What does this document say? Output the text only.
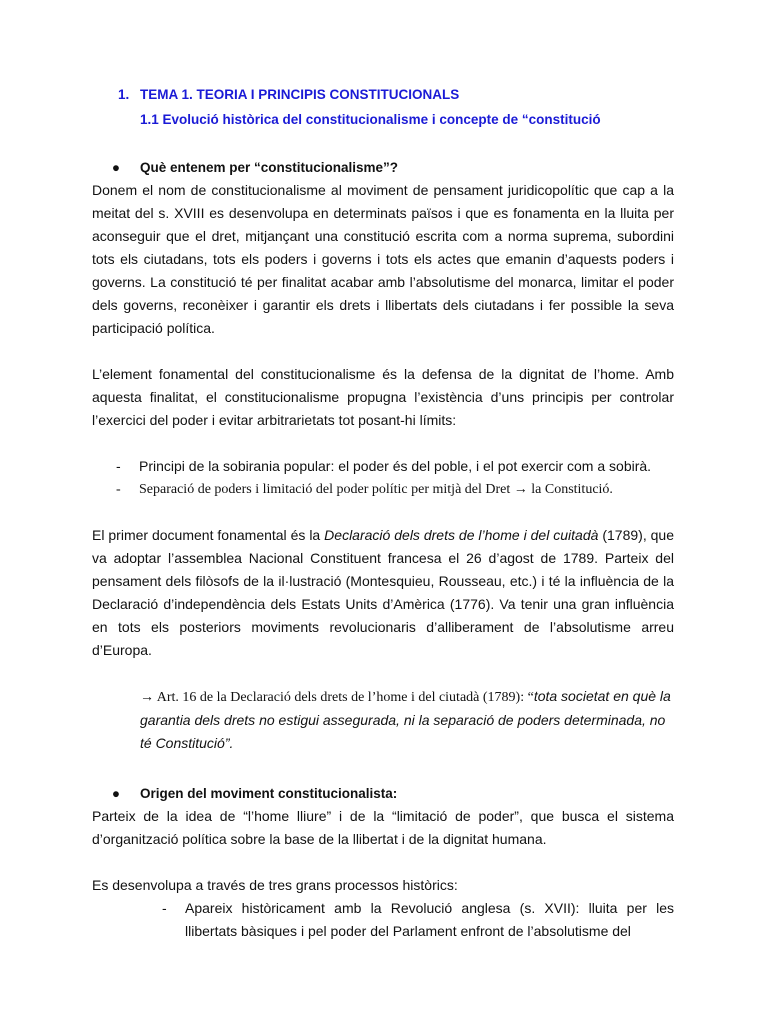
1. TEMA 1. TEORIA I PRINCIPIS CONSTITUCIONALS
1.1 Evolució històrica del constitucionalisme i concepte de “constitució
● Què entenem per “constitucionalisme”?

Donem el nom de constitucionalisme al moviment de pensament juridicopolític que cap a la meitat del s. XVIII es desenvolupa en determinats països i que es fonamenta en la lluita per aconseguir que el dret, mitjançant una constitució escrita com a norma suprema, subordini tots els ciutadans, tots els poders i governs i tots els actes que emanin d’aquests poders i governs. La constitució té per finalitat acabar amb l’absolutisme del monarca, limitar el poder dels governs, reconèixer i garantir els drets i llibertats dels ciutadans i fer possible la seva participació política.

L’element fonamental del constitucionalisme és la defensa de la dignitat de l’home. Amb aquesta finalitat, el constitucionalisme propugna l’existència d’uns principis per controlar l’exercici del poder i evitar arbitrarietats tot posant-hi límits:

- Principi de la sobirania popular: el poder és del poble, i el pot exercir com a sobirà.
- Separació de poders i limitació del poder polític per mitjà del Dret → la Constitució.

El primer document fonamental és la Declaració dels drets de l’home i del cuitadà (1789), que va adoptar l’assemblea Nacional Constituent francesa el 26 d’agost de 1789. Parteix del pensament dels filòsofs de la il·lustració (Montesquieu, Rousseau, etc.) i té la influència de la Declaració d’independència dels Estats Units d’Amèrica (1776). Va tenir una gran influència en tots els posteriors moviments revolucionaris d’alliberament de l’absolutisme arreu d’Europa.

→ Art. 16 de la Declaració dels drets de l’home i del ciutadà (1789): “tota societat en què la garantia dels drets no estigui assegurada, ni la separació de poders determinada, no té Constitució”.
● Origen del moviment constitucionalista:

Parteix de la idea de “l’home lliure” i de la “limitació de poder”, que busca el sistema d’organització política sobre la base de la llibertat i de la dignitat humana.

Es desenvolupa a través de tres grans processos històrics:

- Apareix històricament amb la Revolució anglesa (s. XVII): lluita per les llibertats bàsiques i pel poder del Parlament enfront de l’absolutisme del
